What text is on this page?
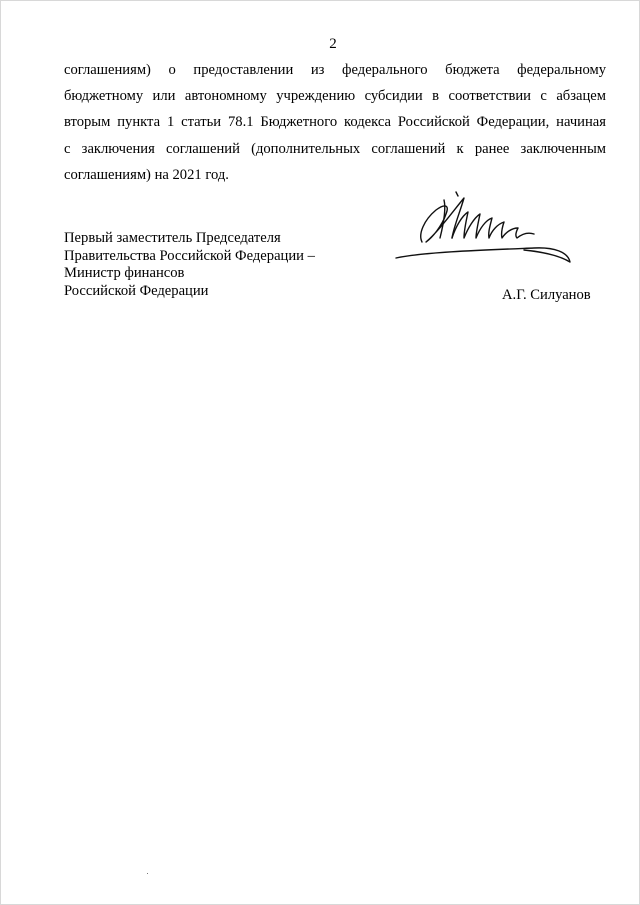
2
соглашениям) о предоставлении из федерального бюджета федеральному
бюджетному или автономному учреждению субсидии в соответствии с абзацем
вторым пункта 1 статьи 78.1 Бюджетного кодекса Российской Федерации, начиная
с заключения соглашений (дополнительных соглашений к ранее заключенным
соглашениям) на 2021 год.
Первый заместитель Председателя
Правительства Российской Федерации –
Министр финансов
Российской Федерации	А.Г. Силуанов
